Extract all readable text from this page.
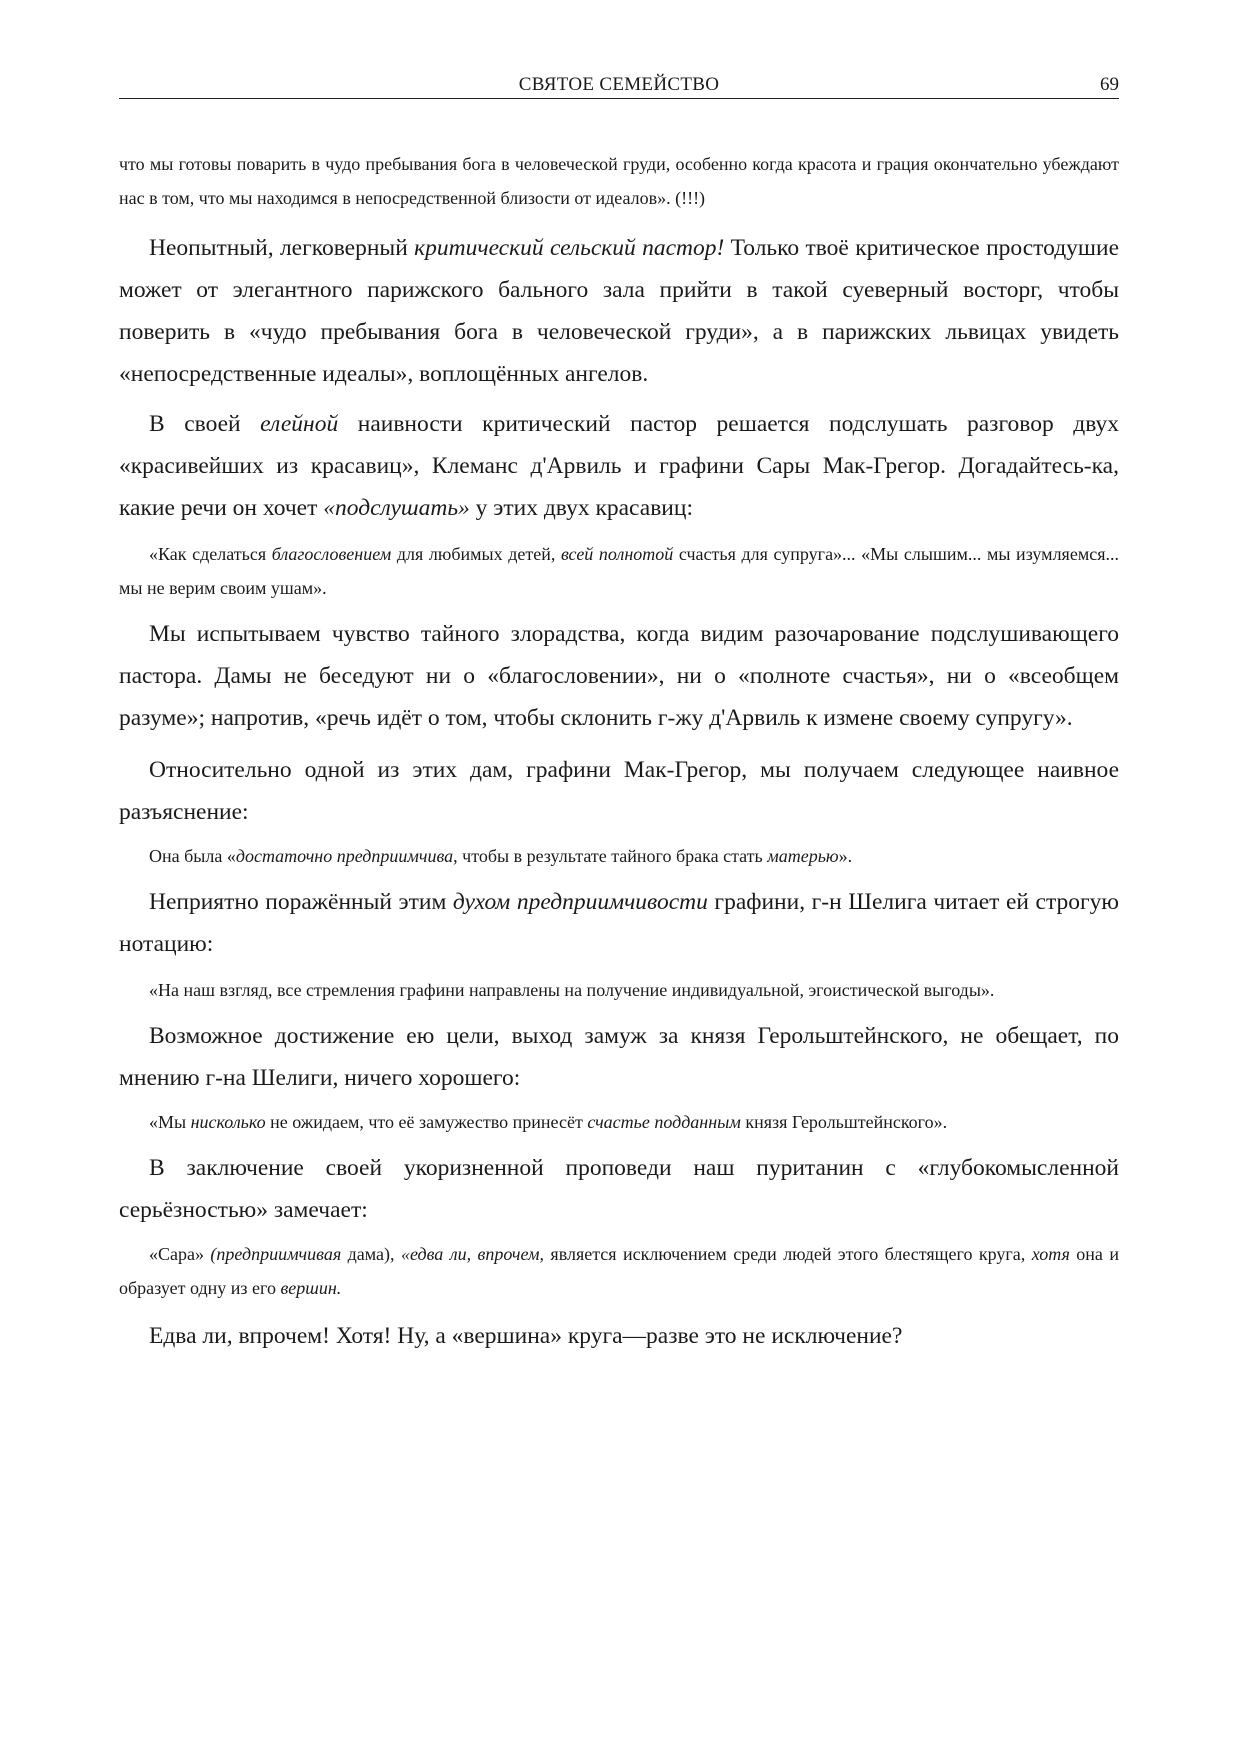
СВЯТОЕ СЕМЕЙСТВО	69

что мы готовы поварить в чудо пребывания бога в человеческой груди, особенно когда красота и грация окончательно убеждают нас в том, что мы находимся в непосредственной близости от идеалов». (!!!)

Неопытный, легковерный критический сельский пастор! Только твоё критическое простодушие может от элегантного парижского бального зала прийти в такой суеверный восторг, чтобы поверить в «чудо пребывания бога в человеческой груди», а в парижских львицах увидеть «непосредственные идеалы», воплощённых ангелов.

В своей елейной наивности критический пастор решается подслушать разговор двух «красивейших из красавиц», Клеманс д'Арвиль и графини Сары Мак-Грегор. Догадайтесь-ка, какие речи он хочет «подслушать» у этих двух красавиц:

«Как сделаться благословением для любимых детей, всей полнотой счастья для супруга»... «Мы слышим... мы изумляемся... мы не верим своим ушам».

Мы испытываем чувство тайного злорадства, когда видим разочарование подслушивающего пастора. Дамы не беседуют ни о «благословении», ни о «полноте счастья», ни о «всеобщем разуме»; напротив, «речь идёт о том, чтобы склонить г-жу д'Арвиль к измене своему супругу».

Относительно одной из этих дам, графини Мак-Грегор, мы получаем следующее наивное разъяснение:

Она была «достаточно предприимчива, чтобы в результате тайного брака стать матерью».

Неприятно поражённый этим духом предприимчивости графини, г-н Шелига читает ей строгую нотацию:

«На наш взгляд, все стремления графини направлены на получение индивидуальной, эгоистической выгоды».

Возможное достижение ею цели, выход замуж за князя Герольштейнского, не обещает, по мнению г-на Шелиги, ничего хорошего:

«Мы нисколько не ожидаем, что её замужество принесёт счастье подданным князя Герольштейнского».

В заключение своей укоризненной проповеди наш пуританин с «глубокомысленной серьёзностью» замечает:

«Сара» (предприимчивая дама), «едва ли, впрочем, является исключением среди людей этого блестящего круга, хотя она и образует одну из его вершин.

Едва ли, впрочем! Хотя! Ну, а «вершина» круга—разве это не исключение?
